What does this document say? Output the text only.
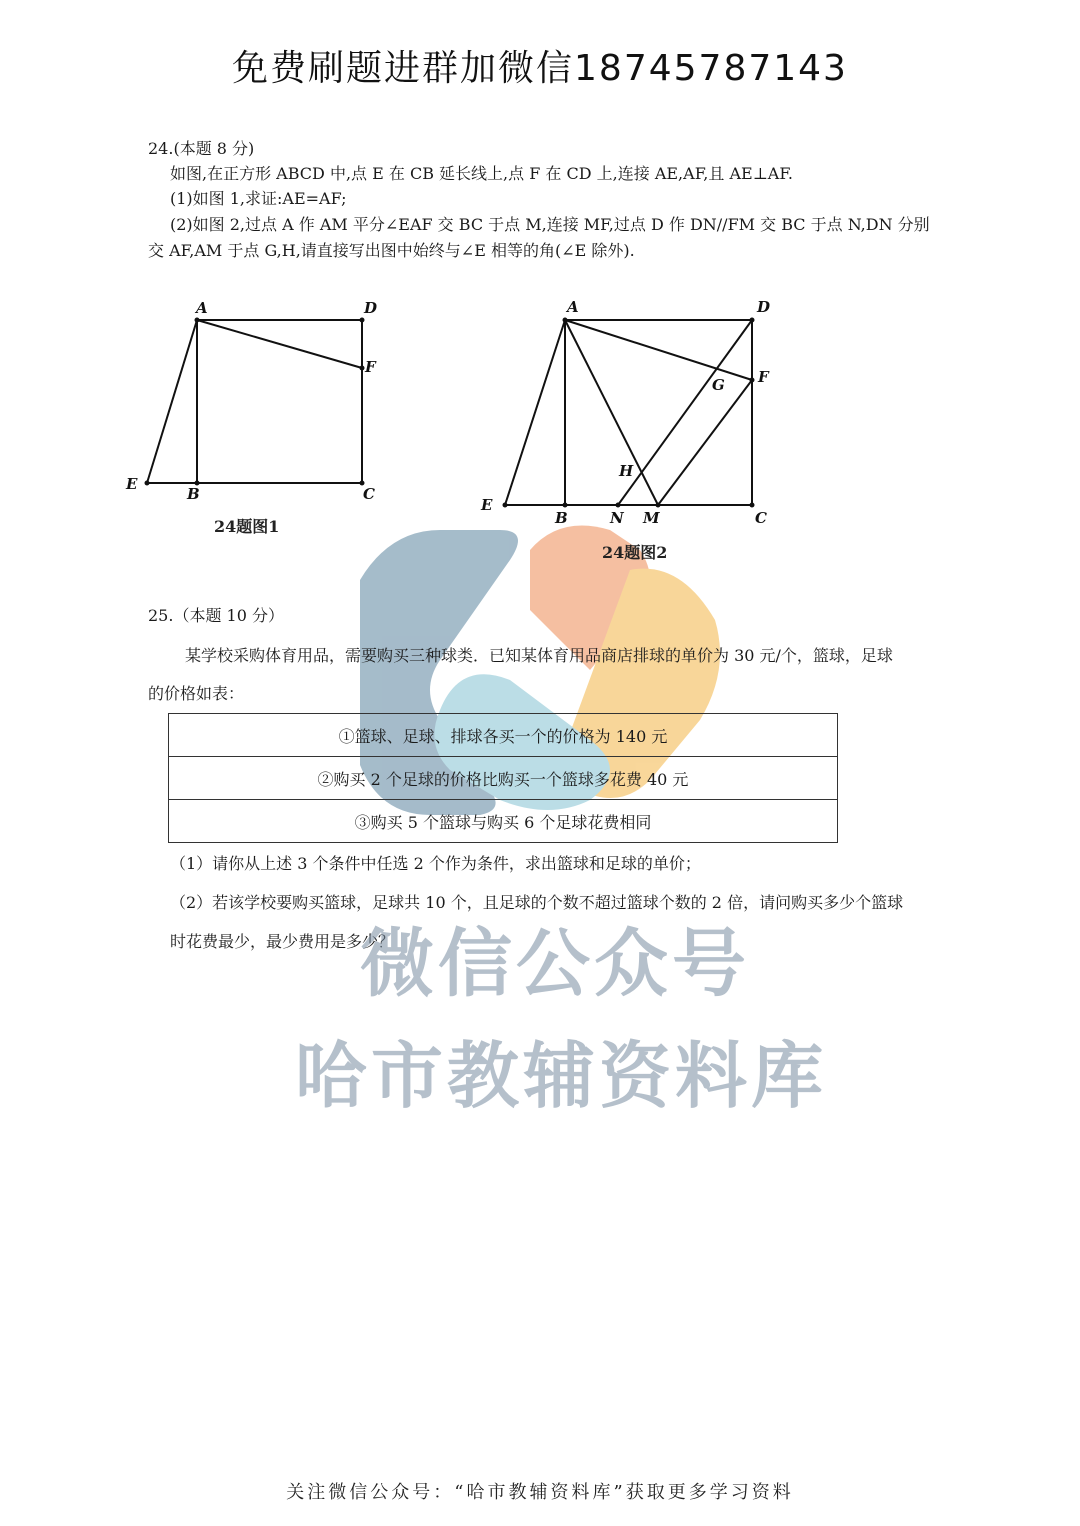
免费刷题进群加微信18745787143
24.(本题 8 分)
如图,在正方形 ABCD 中,点 E 在 CB 延长线上,点 F 在 CD 上,连接 AE,AF,且 AE⊥AF.
(1)如图 1,求证:AE=AF;
(2)如图 2,过点 A 作 AM 平分∠EAF 交 BC 于点 M,连接 MF,过点 D 作 DN//FM 交 BC 于点 N,DN 分别
交 AF,AM 于点 G,H,请直接写出图中始终与∠E 相等的角(∠E 除外).
A	D
F
E
B	C
24题图1
A	D
G F
H
E
B	N M	C
24题图2
25.（本题 10 分）
某学校采购体育用品，需要购买三种球类．已知某体育用品商店排球的单价为 30 元/个，篮球，足球
的价格如表：
①篮球、足球、排球各买一个的价格为 140 元
②购买 2 个足球的价格比购买一个篮球多花费 40 元
③购买 5 个篮球与购买 6 个足球花费相同
（1）请你从上述 3 个条件中任选 2 个作为条件，求出篮球和足球的单价；
（2）若该学校要购买篮球，足球共 10 个，且足球的个数不超过篮球个数的 2 倍，请问购买多少个篮球
时花费最少，最少费用是多少？
微信公众号
哈市教辅资料库
关注微信公众号：“哈市教辅资料库”获取更多学习资料
